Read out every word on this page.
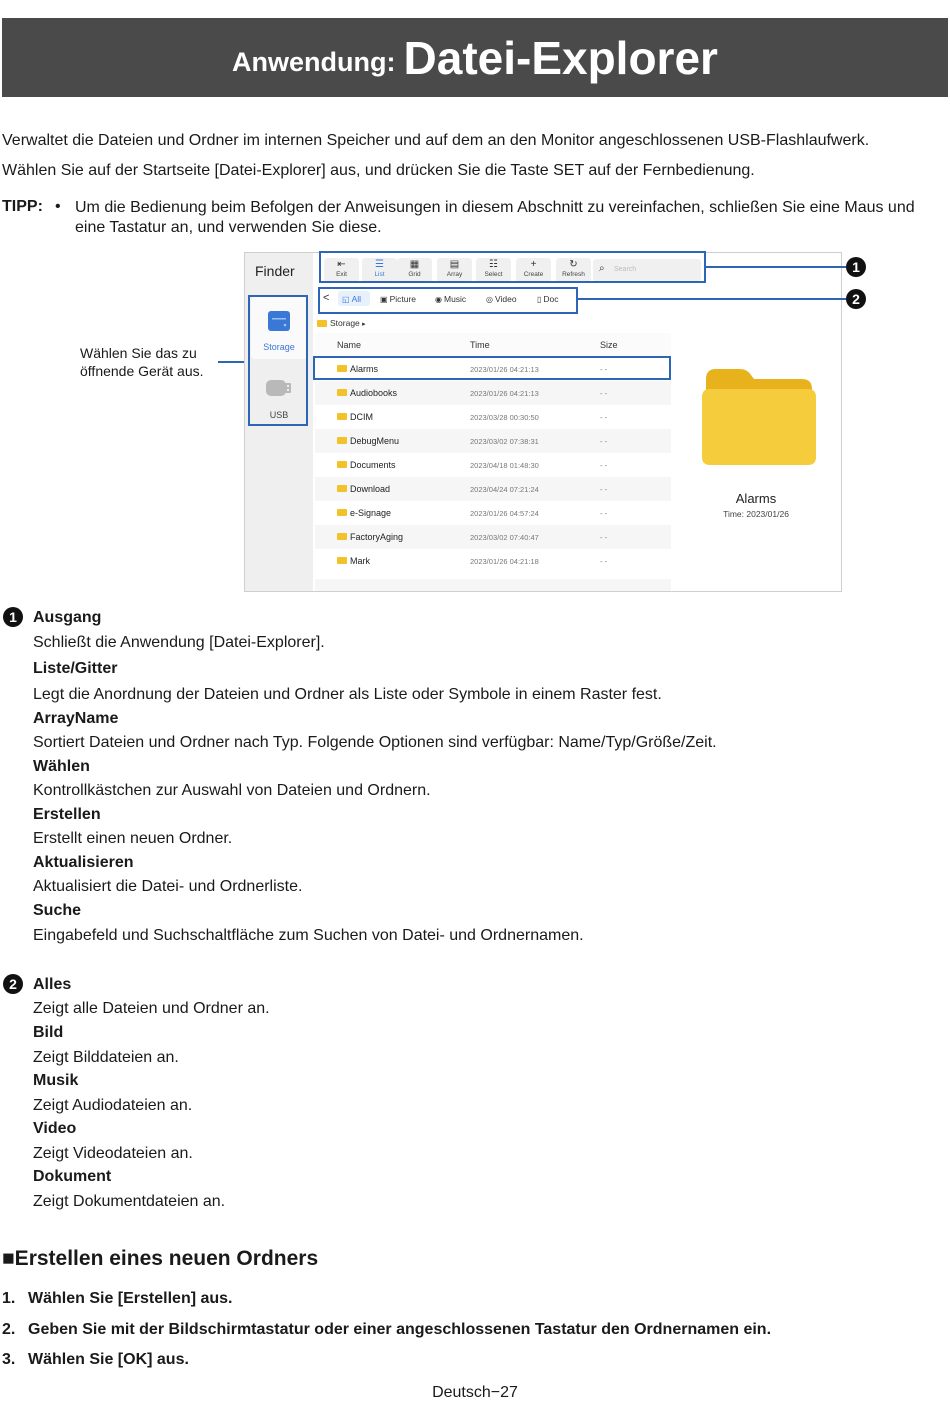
Anwendung: Datei-Explorer
Verwaltet die Dateien und Ordner im internen Speicher und auf dem an den Monitor angeschlossenen USB-Flashlaufwerk.
Wählen Sie auf der Startseite [Datei-Explorer] aus, und drücken Sie die Taste SET auf der Fernbedienung.
TIPP: • Um die Bedienung beim Befolgen der Anweisungen in diesem Abschnitt zu vereinfachen, schließen Sie eine Maus und eine Tastatur an, und verwenden Sie diese.
Wählen Sie das zu
öffnende Gerät aus.
Finder
Storage
USB
⇤
Exit
☰
List
▦
Grid
▤
Array
☷
Select
+
Create
↻
Refresh
⌕ Search
< ◱ All ▣ Picture ◉ Music ◎ Video	▯ Doc
Storage ▸
Name	Time	Size
Alarms	2023/01/26 04:21:13	- -
Audiobooks	2023/01/26 04:21:13	- -
DCIM	2023/03/28 00:30:50	- -
DebugMenu	2023/03/02 07:38:31	- -
Documents	2023/04/18 01:48:30	- -
Download	2023/04/24 07:21:24	- -
e-Signage	2023/01/26 04:57:24	- -
FactoryAging	2023/03/02 07:40:47	- -
Mark	2023/01/26 04:21:18	- -
Alarms
Time: 2023/01/26
1
2
1	Ausgang
Schließt die Anwendung [Datei-Explorer].
Liste/Gitter
Legt die Anordnung der Dateien und Ordner als Liste oder Symbole in einem Raster fest.
ArrayName
Sortiert Dateien und Ordner nach Typ. Folgende Optionen sind verfügbar: Name/Typ/Größe/Zeit.
Wählen
Kontrollkästchen zur Auswahl von Dateien und Ordnern.
Erstellen
Erstellt einen neuen Ordner.
Aktualisieren
Aktualisiert die Datei- und Ordnerliste.
Suche
Eingabefeld und Suchschaltfläche zum Suchen von Datei- und Ordnernamen.
2	Alles
Zeigt alle Dateien und Ordner an.
Bild
Zeigt Bilddateien an.
Musik
Zeigt Audiodateien an.
Video
Zeigt Videodateien an.
Dokument
Zeigt Dokumentdateien an.
■Erstellen eines neuen Ordners
1. Wählen Sie [Erstellen] aus.
2. Geben Sie mit der Bildschirmtastatur oder einer angeschlossenen Tastatur den Ordnernamen ein.
3. Wählen Sie [OK] aus.
Deutsch−27
